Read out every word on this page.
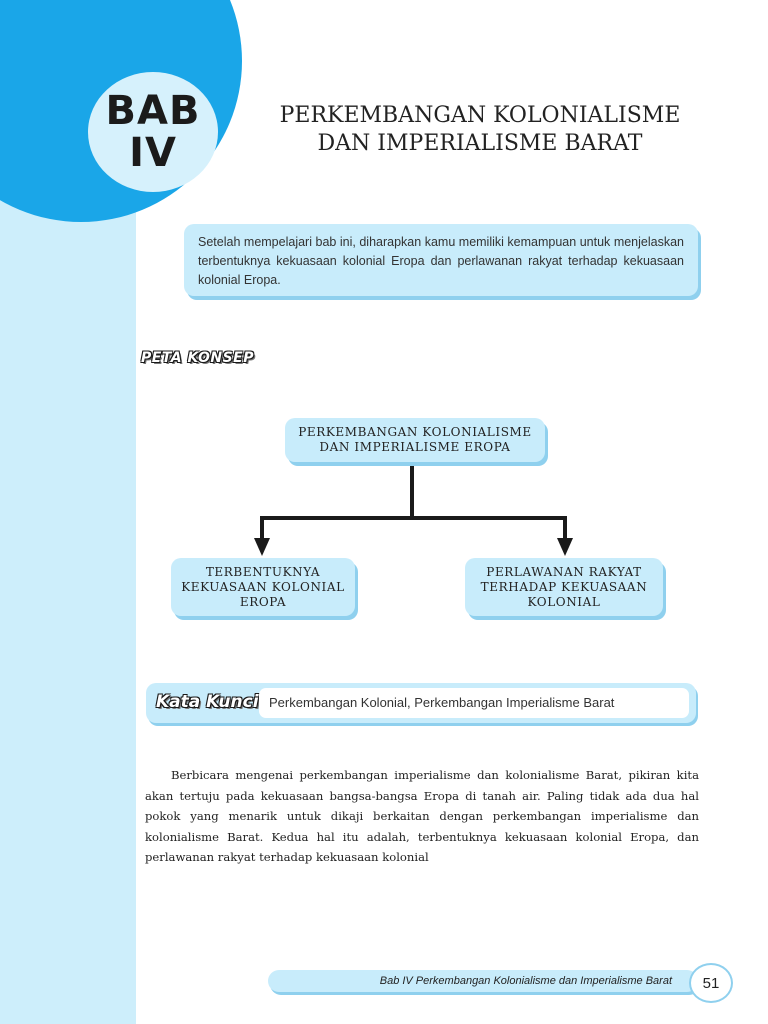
BAB
IV
PERKEMBANGAN KOLONIALISME
DAN IMPERIALISME BARAT
Setelah mempelajari bab ini, diharapkan kamu memiliki kemampuan untuk menjelaskan terbentuknya kekuasaan kolonial Eropa dan perlawanan rakyat terhadap kekuasaan kolonial Eropa.
PETA KONSEP
PERKEMBANGAN KOLONIALISME
DAN IMPERIALISME EROPA
TERBENTUKNYA
KEKUASAAN KOLONIAL
EROPA
PERLAWANAN RAKYAT
TERHADAP KEKUASAAN
KOLONIAL
Kata Kunci Perkembangan Kolonial, Perkembangan Imperialisme Barat

Berbicara mengenai perkembangan imperialisme dan kolonialisme Barat, pikiran kita akan tertuju pada kekuasaan bangsa-bangsa Eropa di tanah air. Paling tidak ada dua hal pokok yang menarik untuk dikaji berkaitan dengan perkembangan imperialisme dan kolonialisme Barat. Kedua hal itu adalah, terbentuknya kekuasaan kolonial Eropa, dan perlawanan rakyat terhadap kekuasaan kolonial

Bab IV Perkembangan Kolonialisme dan Imperialisme Barat	51
